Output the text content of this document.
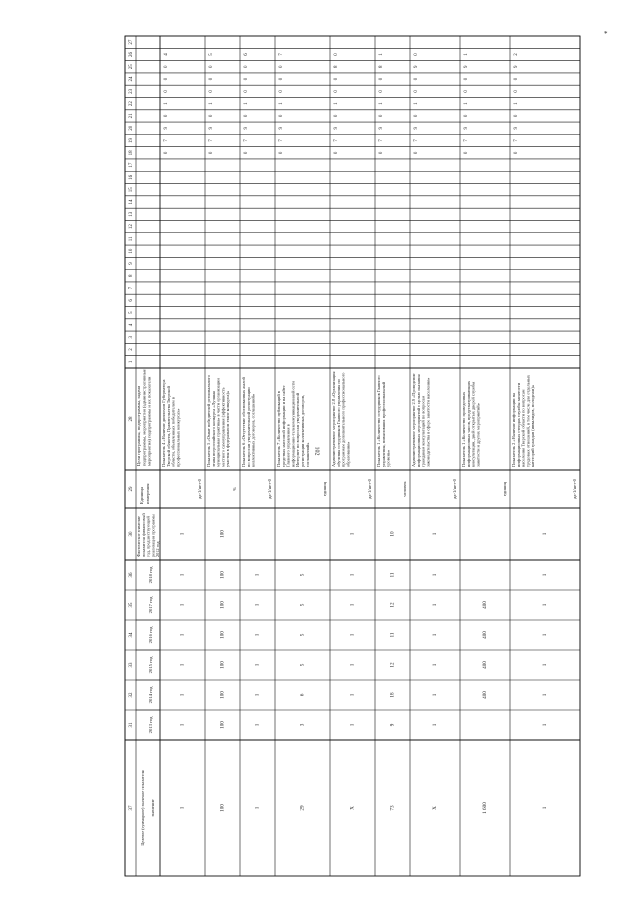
*
1
2
3
4
5
6
7
8
9
10
11
12
13
14
15
16
17
18
19
20
21
22
23
24
25
26
27
28
29
30
31
32
33
34
35
36
37
Цели программы, подпрограммы, задачи подпрограммы, мероприятия (административные мероприятия) подпрограммы и их показатели
Единица измерения
Фактическое значение показателя финансовый год, предшествующий реализации программы 2012 год
2013 год
2014 год
2015 год
2016 год
2017 год
2018 год
Целевое (суммарное) значение показателя значение
0
7
9
0
1
0
0
0
4
Показатель 4 «Наличие дипломов Губернатора Тверской области, Правительства Тверской области, объявленных победителям в профессиональных конкурсах»
да-1/нет-0
1
1
1
1
1
1
1
1
0
7
9
0
1
0
0
0
5
Показатель 5 «Охват победителей регионального этапа всероссийского конкурса «Лучшая муниципальная практика» в части организации местного самоуправления (эффективность участия в федеральном этапе конкурса)»
%
100
100
100
100
100
100
100
100
0
7
9
0
1
0
0
0
6
Показатель 6 «Отсутствие обоснованных жалоб по вопросам уведомительной регистрации коллективных договоров, соглашений»
да-1/нет-0
1
1
1
1
1
1
1
0
7
9
0
1
0
0
0
7
Показатель 7 «Количество публикаций в средствах массовой информации и на сайте Главного управления в информационно-телекоммуникационной сети Интернет по вопросам уведомительной регистрации коллективных договоров, соглашений»
единиц
3
6
5
5
5
5
29
0
7
9
0
1
0
0
8
0
Административное мероприятие 2.8 «Организация обучения сотрудников Главного управления по программам дополнительного профессионального образования»
да-1/нет-0
1
1
1
1
1
1
1
Х
0
7
9
0
1
0
0
8
1
Показатель 1 «Количество сотрудников Главного управления, повысивших профессиональный уровень»
человек
10
9
18
12
11
12
11
73
0
7
9
0
1
0
0
9
0
Административное мероприятие 2.9 «Проведение информационных мероприятий с целью оказания гражданам консультаций по вопросам законодательства в сфере занятости населения»
да-1/нет-0
1
1
1
1
1
1
1
Х
0
7
9
0
1
0
0
9
1
Показатель 1 «Количество проведенных информационных часов, предусматривающих консультации, дней открытых дверей службы занятости и других мероприятий»
единиц
400
400
400
400
1 600
0
7
9
0
1
0
0
9
2
Показатель 2 «Наличие информации на информационных стендах службы занятости населения Тверской области по вопросам трудовых отношений, в том числе для отдельных категорий граждан (инвалидов, молодежи)»
да-1/нет-0
1
1
1
1
1
1
1
1
102
